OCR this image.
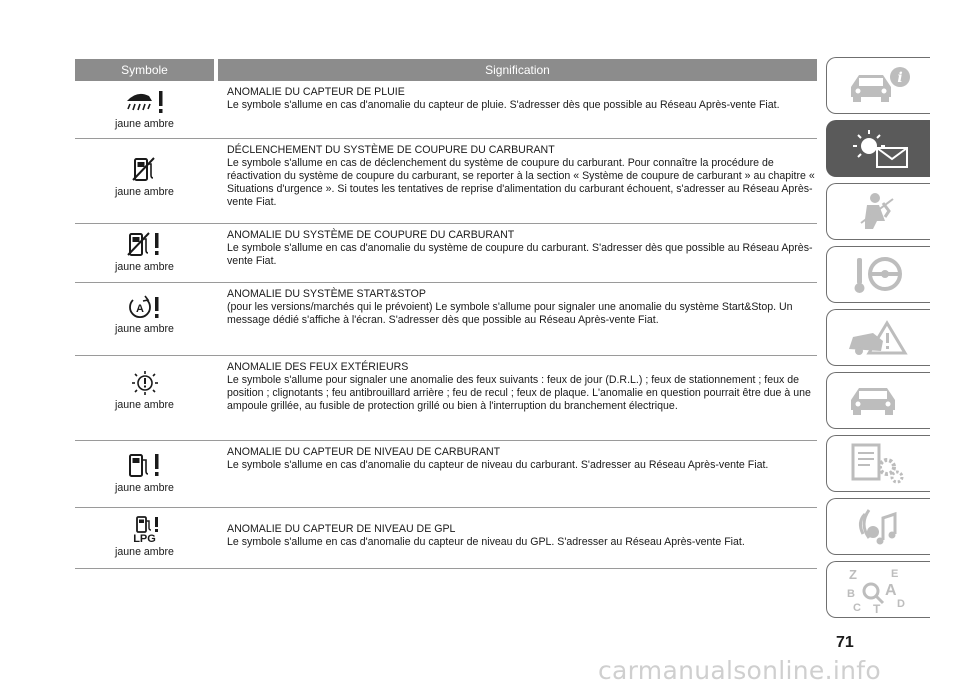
Symbole	Signification
jaune ambre
ANOMALIE DU CAPTEUR DE PLUIE
Le symbole s'allume en cas d'anomalie du capteur de pluie. S'adresser dès que possible au Réseau Après-vente Fiat.
jaune ambre
DÉCLENCHEMENT DU SYSTÈME DE COUPURE DU CARBURANT
Le symbole s'allume en cas de déclenchement du système de coupure du carburant. Pour connaître la procédure de réactivation du système de coupure du carburant, se reporter à la section « Système de coupure de carburant » au chapitre « Situations d'urgence ». Si toutes les tentatives de reprise d'alimentation du carburant échouent, s'adresser au Réseau Après-vente Fiat.
jaune ambre
ANOMALIE DU SYSTÈME DE COUPURE DU CARBURANT
Le symbole s'allume en cas d'anomalie du système de coupure du carburant. S'adresser dès que possible au Réseau Après-vente Fiat.
A
jaune ambre
ANOMALIE DU SYSTÈME START&STOP
(pour les versions/marchés qui le prévoient) Le symbole s'allume pour signaler une anomalie du système Start&Stop. Un message dédié s'affiche à l'écran. S'adresser dès que possible au Réseau Après-vente Fiat.
jaune ambre
ANOMALIE DES FEUX EXTÉRIEURS
Le symbole s'allume pour signaler une anomalie des feux suivants : feux de jour (D.R.L.) ; feux de stationnement ; feux de position ; clignotants ; feu antibrouillard arrière ; feu de recul ; feux de plaque. L'anomalie en question pourrait être due à une ampoule grillée, au fusible de protection grillé ou bien à l'interruption du branchement électrique.
jaune ambre
ANOMALIE DU CAPTEUR DE NIVEAU DE CARBURANT
Le symbole s'allume en cas d'anomalie du capteur de niveau du carburant. S'adresser au Réseau Après-vente Fiat.
LPG
jaune ambre
ANOMALIE DU CAPTEUR DE NIVEAU DE GPL
Le symbole s'allume en cas d'anomalie du capteur de niveau du GPL. S'adresser au Réseau Après-vente Fiat.
i
Z	E
B A
C T D
71
carmanualsonline.info
